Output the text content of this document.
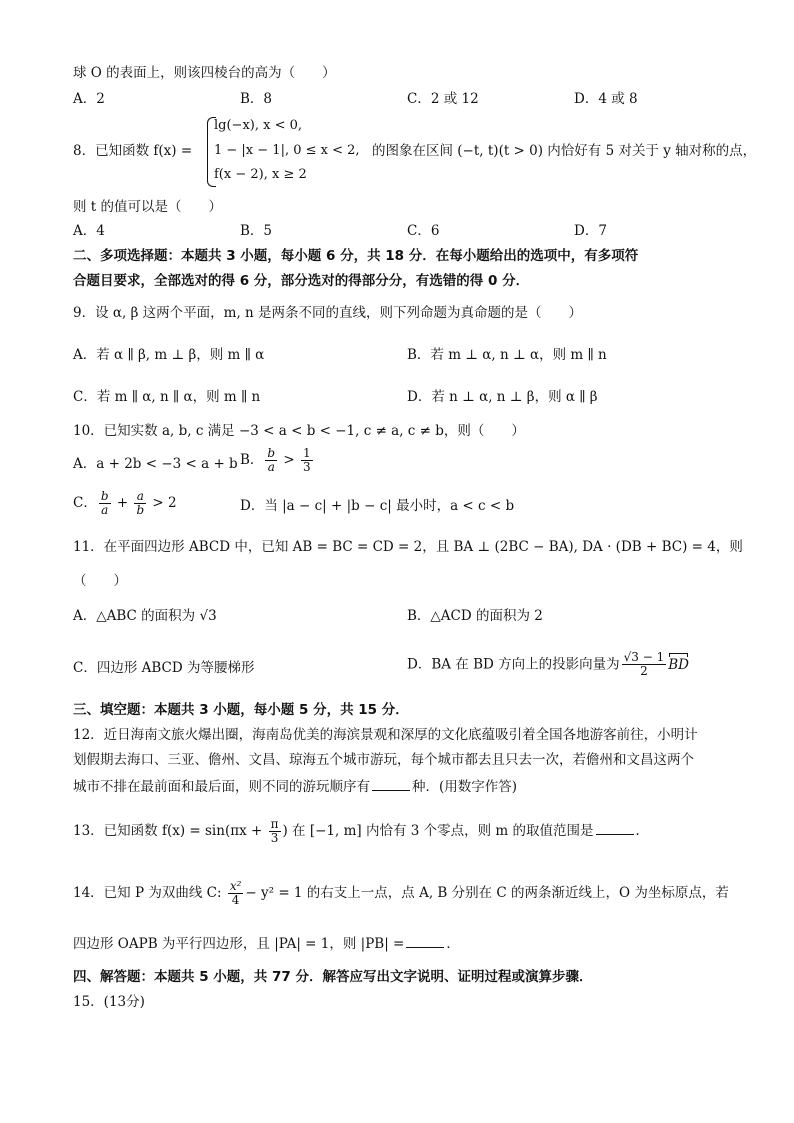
球 O 的表面上，则该四棱台的高为（　　）
A．2	B．8	C．2 或 12	D．4 或 8
8．已知函数 f(x) =
lg(−x), x < 0,
1 − |x − 1|, 0 ≤ x < 2,
f(x − 2), x ≥ 2
的图象在区间 (−t, t)(t > 0) 内恰好有 5 对关于 y 轴对称的点，
则 t 的值可以是（　　）
A．4	B．5	C．6	D．7
二、多项选择题：本题共 3 小题，每小题 6 分，共 18 分．在每小题给出的选项中，有多项符
合题目要求，全部选对的得 6 分，部分选对的得部分分，有选错的得 0 分．
9．设 α, β 这两个平面，m, n 是两条不同的直线，则下列命题为真命题的是（　　）
A．若 α ∥ β, m ⊥ β，则 m ∥ α	B．若 m ⊥ α, n ⊥ α，则 m ∥ n
C．若 m ∥ α, n ∥ α，则 m ∥ n	D．若 n ⊥ α, n ⊥ β，则 α ∥ β
10．已知实数 a, b, c 满足 −3 < a < b < −1, c ≠ a, c ≠ b，则（　　）
A．a + 2b < −3 < a + b B． $\frac{b}{a} > \frac{1}{3}$
C． $\frac{b}{a} + \frac{a}{b} > 2$	D．当 |a − c| + |b − c| 最小时，a < c < b
11．在平面四边形 ABCD 中，已知 AB = BC = CD = 2，且 BA ⊥ (2BC − BA), DA · (DB + BC) = 4，则
（　　）
A．△ABC 的面积为 √3	B．△ACD 的面积为 2
C．四边形 ABCD 为等腰梯形	D．BA 在 BD 方向上的投影向量为 $\frac{√3 - 1}{2}$ BD
三、填空题：本题共 3 小题，每小题 5 分，共 15 分．
12．近日海南文旅火爆出圈，海南岛优美的海滨景观和深厚的文化底蕴吸引着全国各地游客前往，小明计
划假期去海口、三亚、儋州、文昌、琼海五个城市游玩，每个城市都去且只去一次，若儋州和文昌这两个
城市不排在最前面和最后面，则不同的游玩顺序有	种．(用数字作答)
13．已知函数 $f(x) = \sin(\pi x + \frac{\pi}{3}$ ) 在 [−1, m] 内恰有 3 个零点，则 m 的取值范围是	．
14．已知 P 为双曲线 C: $\frac{\text{x²}}{4} - y^2 = 1$ 的右支上一点，点 A, B 分别在 C 的两条渐近线上，O 为坐标原点，若
四边形 OAPB 为平行四边形，且 |PA| = 1，则 |PB| =	．
四、解答题：本题共 5 小题，共 77 分．解答应写出文字说明、证明过程或演算步骤．
15．(13分)
